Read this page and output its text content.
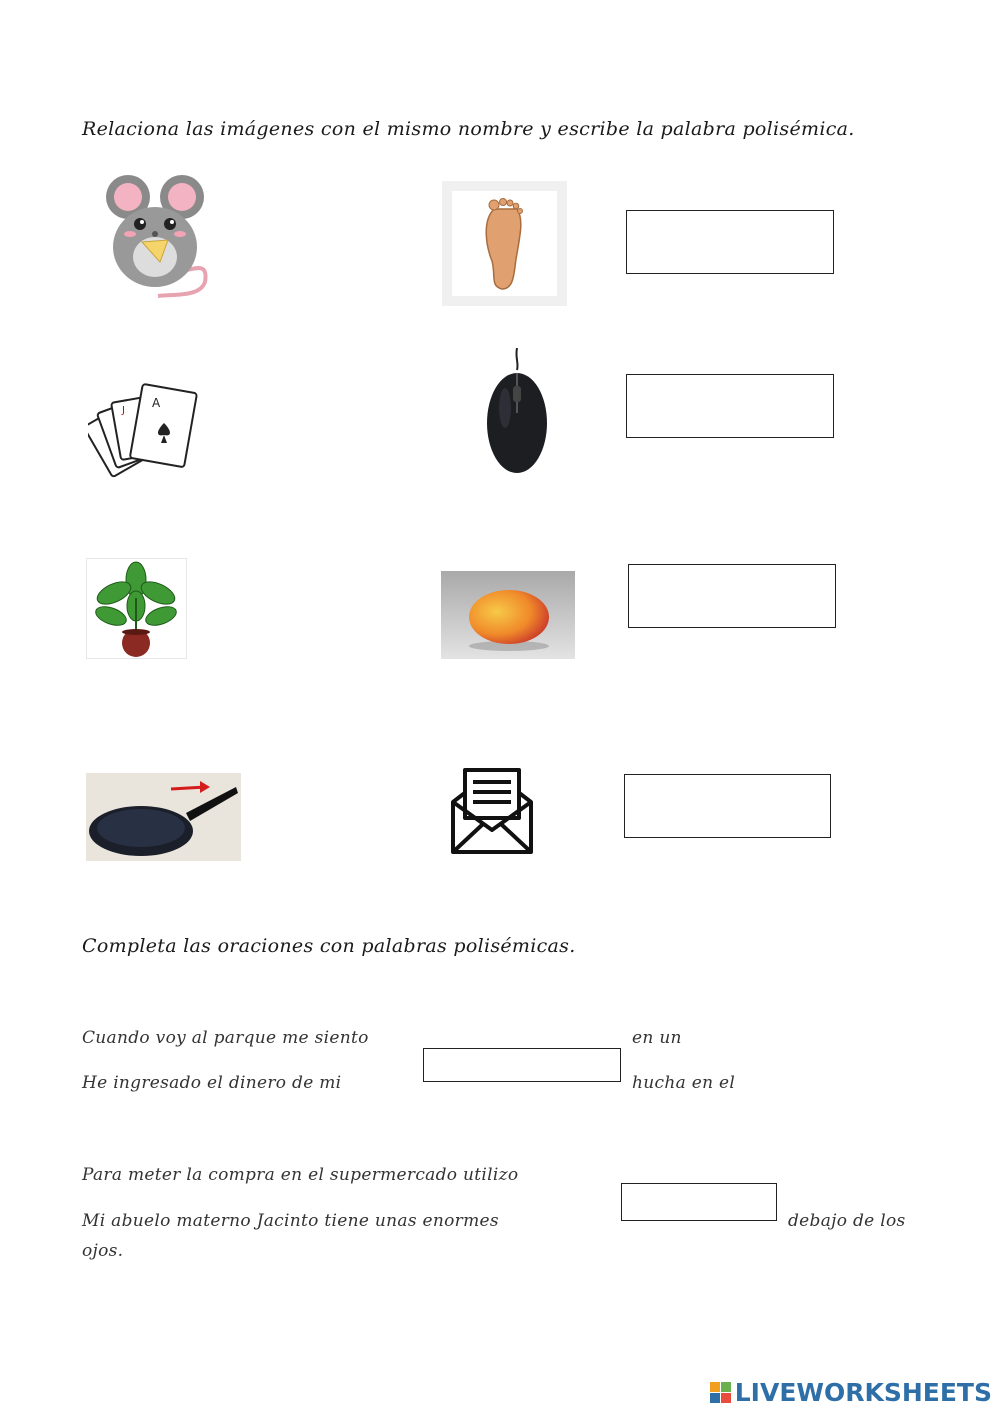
Relaciona las imágenes con el mismo nombre y escribe la palabra polisémica.
A
J
Completa las oraciones con palabras polisémicas.
Cuando voy al parque me siento	en un
He ingresado el dinero de mi	hucha en el
Para meter la compra en el supermercado utilizo
Mi abuelo materno Jacinto tiene unas enormes	debajo de los
ojos.
LIVEWORKSHEETS
